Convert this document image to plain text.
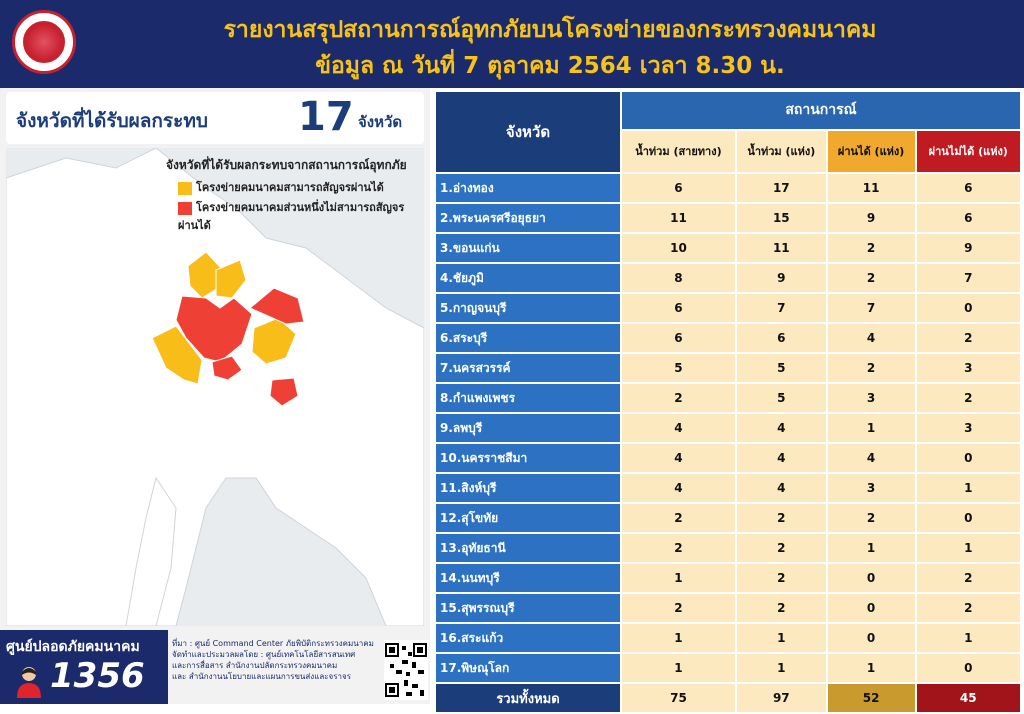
รายงานสรุปสถานการณ์อุทกภัยบนโครงข่ายของกระทรวงคมนาคม
ข้อมูล ณ วันที่ 7 ตุลาคม 2564 เวลา 8.30 น.
จังหวัดที่ได้รับผลกระทบ 17 จังหวัด
จังหวัดที่ได้รับผลกระทบจากสถานการณ์อุทกภัย
โครงข่ายคมนาคมสามารถสัญจรผ่านได้
โครงข่ายคมนาคมส่วนหนึ่งไม่สามารถสัญจรผ่านได้
ศูนย์ปลอดภัยคมนาคม
1356
ที่มา : ศูนย์ Command Center ภัยพิบัติกระทรวงคมนาคม
จัดทำและประมวลผลโดย : ศูนย์เทคโนโลยีสารสนเทศ
และการสื่อสาร สำนักงานปลัดกระทรวงคมนาคม
และ สำนักงานนโยบายและแผนการขนส่งและจราจร
จังหวัด	สถานการณ์			
	น้ำท่วม (สายทาง)	น้ำท่วม (แห่ง)	ผ่านได้ (แห่ง)	ผ่านไม่ได้ (แห่ง)
1.อ่างทอง	6	17	11	6
2.พระนครศรีอยุธยา	11	15	9	6
3.ขอนแก่น	10	11	2	9
4.ชัยภูมิ	8	9	2	7
5.กาญจนบุรี	6	7	7	0
6.สระบุรี	6	6	4	2
7.นครสวรรค์	5	5	2	3
8.กำแพงเพชร	2	5	3	2
9.ลพบุรี	4	4	1	3
10.นครราชสีมา	4	4	4	0
11.สิงห์บุรี	4	4	3	1
12.สุโขทัย	2	2	2	0
13.อุทัยธานี	2	2	1	1
14.นนทบุรี	1	2	0	2
15.สุพรรณบุรี	2	2	0	2
16.สระแก้ว	1	1	0	1
17.พิษณุโลก	1	1	1	0
รวมทั้งหมด	75	97	52	45
